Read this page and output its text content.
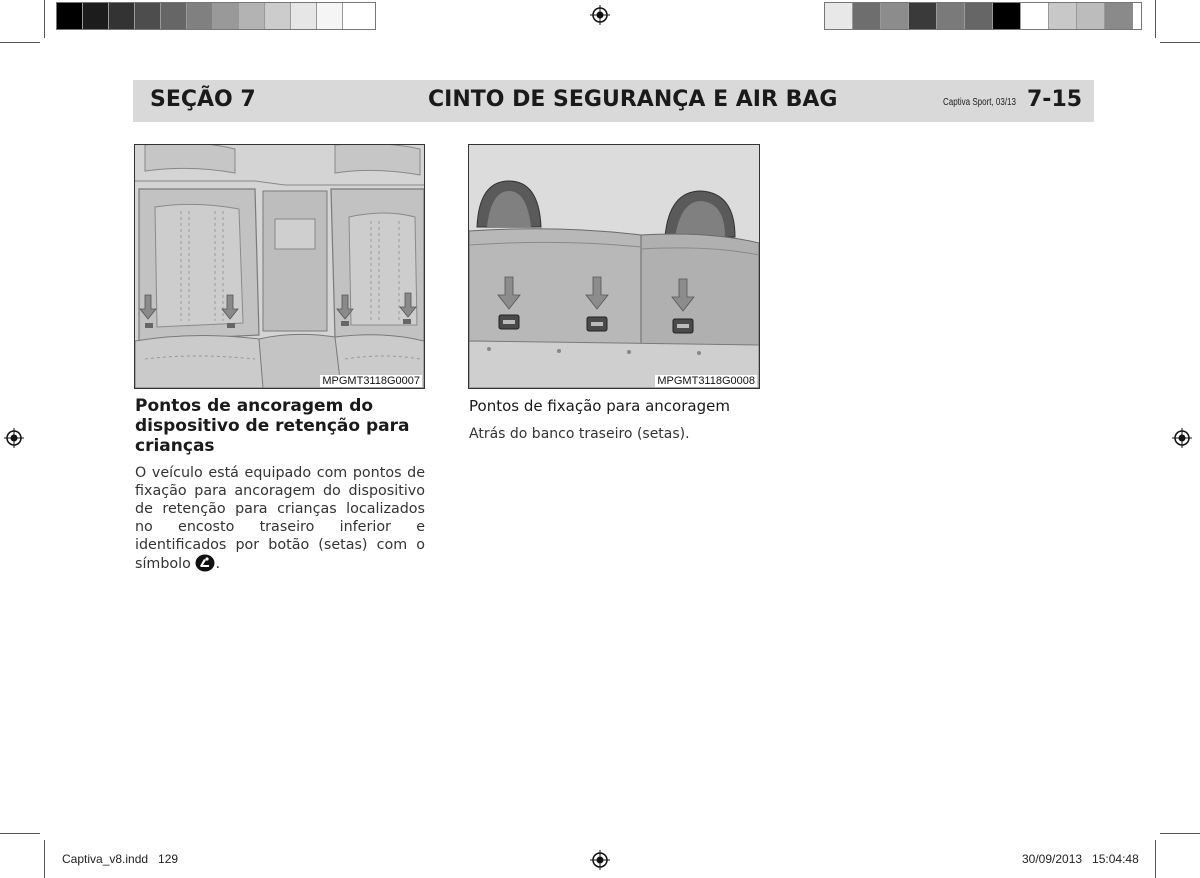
SEÇÃO 7	CINTO DE SEGURANÇA E AIR BAG	Captiva Sport, 03/13 7-15
MPGMT3118G0007	MPGMT3118G0008
Pontos de ancoragem do dispositivo de retenção para crianças
O veículo está equipado com pontos de fixação para ancoragem do dispositivo de retenção para crianças localizados no encosto traseiro inferior e identificados por botão (setas) com o símbolo .
Pontos de fixação para ancoragem
Atrás do banco traseiro (setas).
Captiva_v8.indd   129	30/09/2013   15:04:48
